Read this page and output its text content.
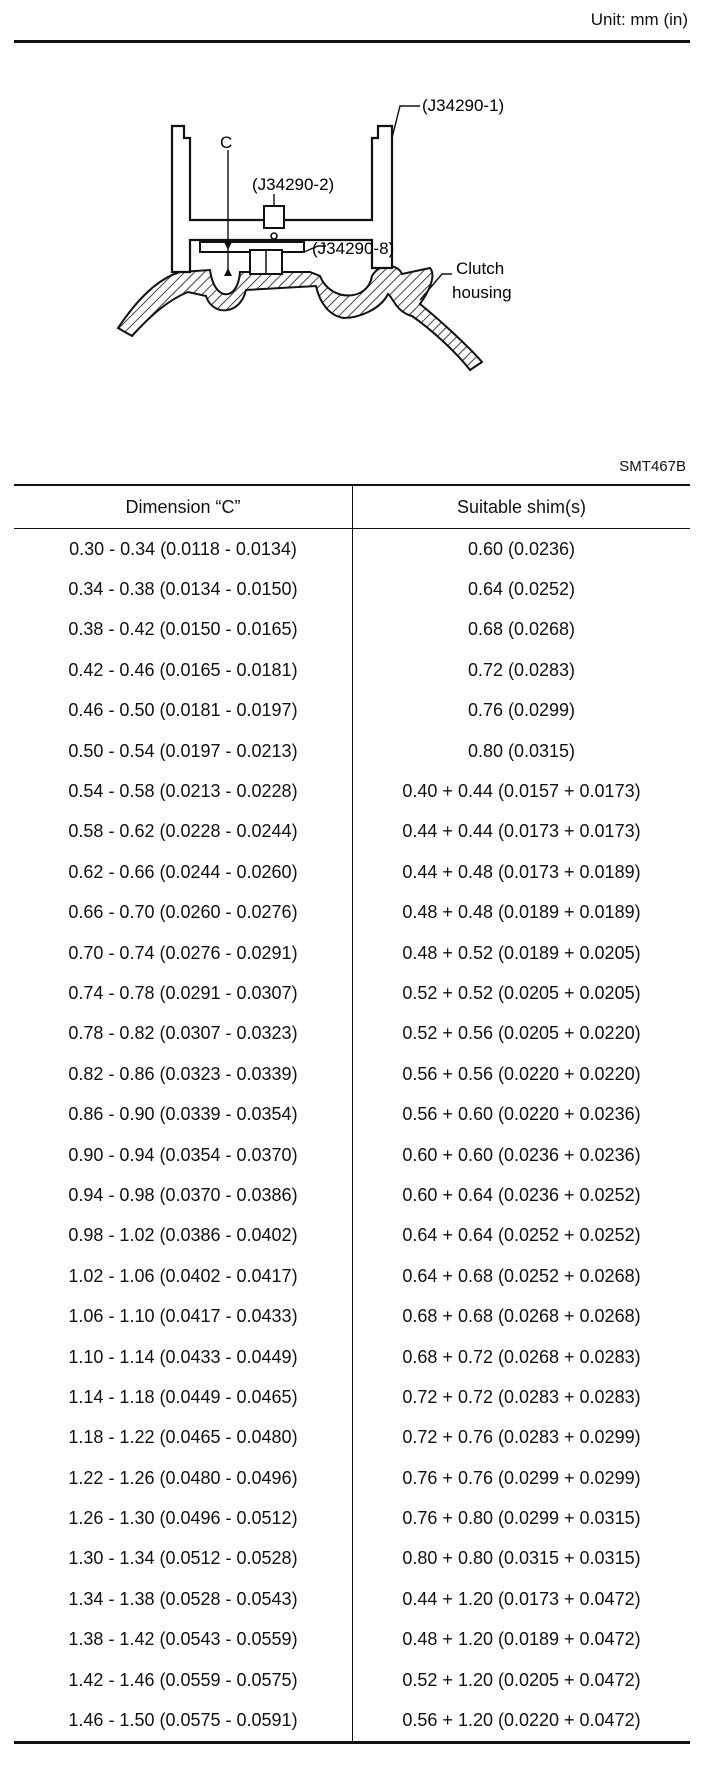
Unit: mm (in)
(J34290-1)
(J34290-2)
(J34290-8)
C
Clutch
housing
SMT467B
Dimension “C”	Suitable shim(s)
0.30 - 0.34 (0.0118 - 0.0134)	0.60 (0.0236)
0.34 - 0.38 (0.0134 - 0.0150)	0.64 (0.0252)
0.38 - 0.42 (0.0150 - 0.0165)	0.68 (0.0268)
0.42 - 0.46 (0.0165 - 0.0181)	0.72 (0.0283)
0.46 - 0.50 (0.0181 - 0.0197)	0.76 (0.0299)
0.50 - 0.54 (0.0197 - 0.0213)	0.80 (0.0315)
0.54 - 0.58 (0.0213 - 0.0228)	0.40 + 0.44 (0.0157 + 0.0173)
0.58 - 0.62 (0.0228 - 0.0244)	0.44 + 0.44 (0.0173 + 0.0173)
0.62 - 0.66 (0.0244 - 0.0260)	0.44 + 0.48 (0.0173 + 0.0189)
0.66 - 0.70 (0.0260 - 0.0276)	0.48 + 0.48 (0.0189 + 0.0189)
0.70 - 0.74 (0.0276 - 0.0291)	0.48 + 0.52 (0.0189 + 0.0205)
0.74 - 0.78 (0.0291 - 0.0307)	0.52 + 0.52 (0.0205 + 0.0205)
0.78 - 0.82 (0.0307 - 0.0323)	0.52 + 0.56 (0.0205 + 0.0220)
0.82 - 0.86 (0.0323 - 0.0339)	0.56 + 0.56 (0.0220 + 0.0220)
0.86 - 0.90 (0.0339 - 0.0354)	0.56 + 0.60 (0.0220 + 0.0236)
0.90 - 0.94 (0.0354 - 0.0370)	0.60 + 0.60 (0.0236 + 0.0236)
0.94 - 0.98 (0.0370 - 0.0386)	0.60 + 0.64 (0.0236 + 0.0252)
0.98 - 1.02 (0.0386 - 0.0402)	0.64 + 0.64 (0.0252 + 0.0252)
1.02 - 1.06 (0.0402 - 0.0417)	0.64 + 0.68 (0.0252 + 0.0268)
1.06 - 1.10 (0.0417 - 0.0433)	0.68 + 0.68 (0.0268 + 0.0268)
1.10 - 1.14 (0.0433 - 0.0449)	0.68 + 0.72 (0.0268 + 0.0283)
1.14 - 1.18 (0.0449 - 0.0465)	0.72 + 0.72 (0.0283 + 0.0283)
1.18 - 1.22 (0.0465 - 0.0480)	0.72 + 0.76 (0.0283 + 0.0299)
1.22 - 1.26 (0.0480 - 0.0496)	0.76 + 0.76 (0.0299 + 0.0299)
1.26 - 1.30 (0.0496 - 0.0512)	0.76 + 0.80 (0.0299 + 0.0315)
1.30 - 1.34 (0.0512 - 0.0528)	0.80 + 0.80 (0.0315 + 0.0315)
1.34 - 1.38 (0.0528 - 0.0543)	0.44 + 1.20 (0.0173 + 0.0472)
1.38 - 1.42 (0.0543 - 0.0559)	0.48 + 1.20 (0.0189 + 0.0472)
1.42 - 1.46 (0.0559 - 0.0575)	0.52 + 1.20 (0.0205 + 0.0472)
1.46 - 1.50 (0.0575 - 0.0591)	0.56 + 1.20 (0.0220 + 0.0472)
